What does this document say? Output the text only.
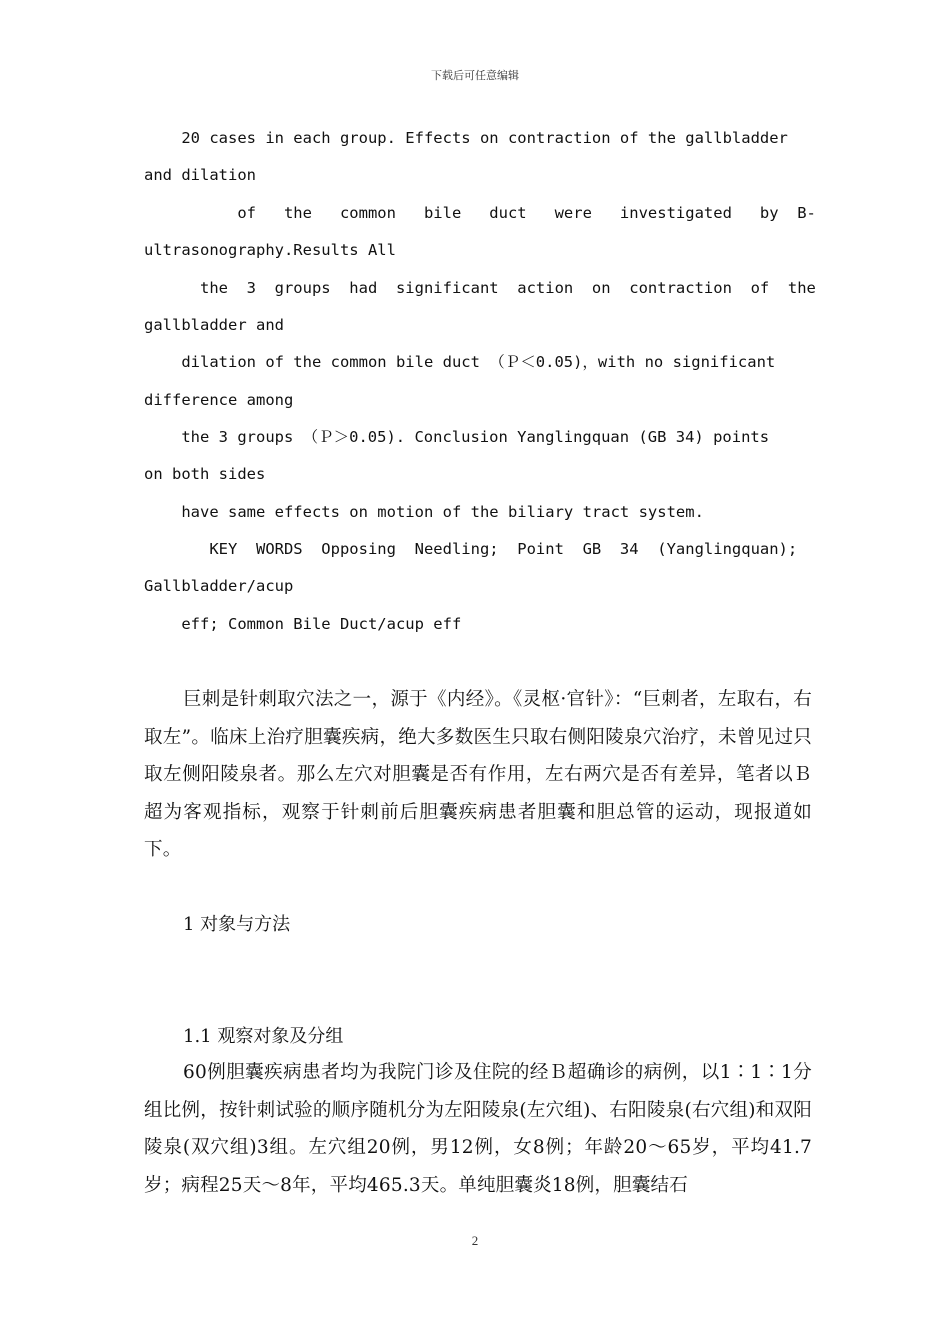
下载后可任意编辑
20 cases in each group. Effects on contraction of the gallbladder
and dilation
of   the   common   bile   duct   were   investigated   by  B-
ultrasonography.Results All
the  3  groups  had  significant  action  on  contraction  of  the
gallbladder and
dilation of the common bile duct （Ｐ＜0.05)，with no significant
difference among
the 3 groups （Ｐ＞0.05). Conclusion Yanglingquan (GB 34) points
on both sides
have same effects on motion of the biliary tract system.
KEY  WORDS  Opposing  Needling;  Point  GB  34  (Yanglingquan);
Gallbladder/acup
eff; Common Bile Duct/acup eff

巨刺是针刺取穴法之一，源于《内经》。《灵枢·官针》：“巨刺者，左取右，右取左”。临床上治疗胆囊疾病，绝大多数医生只取右侧阳陵泉穴治疗，未曾见过只取左侧阳陵泉者。那么左穴对胆囊是否有作用，左右两穴是否有差异，笔者以Ｂ超为客观指标，观察于针刺前后胆囊疾病患者胆囊和胆总管的运动，现报道如下。

1 对象与方法
1.1 观察对象及分组

60例胆囊疾病患者均为我院门诊及住院的经Ｂ超确诊的病例，以1∶1∶1分组比例，按针刺试验的顺序随机分为左阳陵泉(左穴组)、右阳陵泉(右穴组)和双阳陵泉(双穴组)3组。左穴组20例，男12例，女8例；年龄20～65岁，平均41.7岁；病程25天～8年，平均465.3天。单纯胆囊炎18例，胆囊结石

2
